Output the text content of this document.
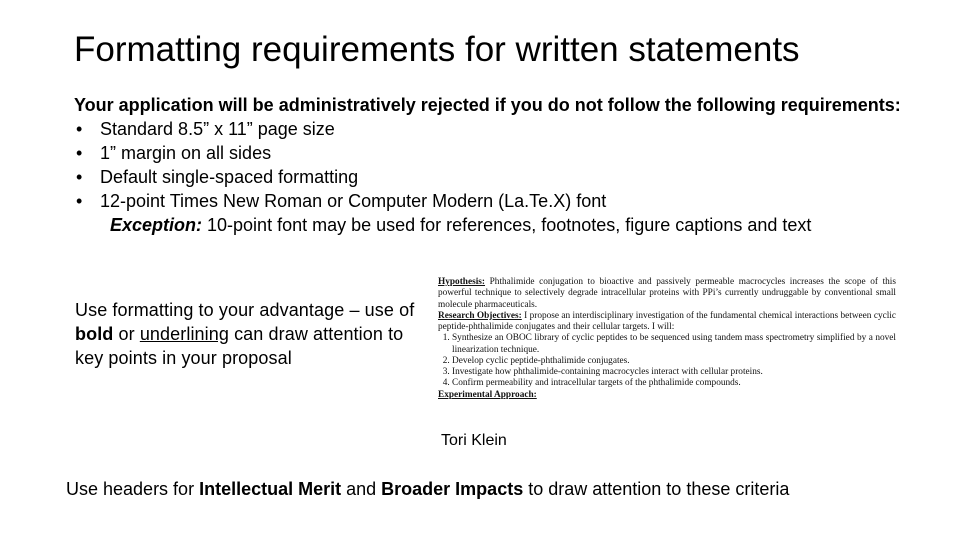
Formatting requirements for written statements
Your application will be administratively rejected if you do not follow the following requirements:
• Standard 8.5” x 11” page size
• 1” margin on all sides
• Default single-spaced formatting
• 12-point Times New Roman or Computer Modern (La.Te.X) font
Exception: 10-point font may be used for references, footnotes, figure captions and text
Use formatting to your advantage – use of bold or underlining can draw attention to key points in your proposal

Hypothesis: Phthalimide conjugation to bioactive and passively permeable macrocycles increases the scope of this powerful technique to selectively degrade intracellular proteins with PPi’s currently undruggable by conventional small molecule pharmaceuticals.

Research Objectives: I propose an interdisciplinary investigation of the fundamental chemical interactions between cyclic peptide-phthalimide conjugates and their cellular targets. I will:

1. Synthesize an OBOC library of cyclic peptides to be sequenced using tandem mass spectrometry simplified by a novel linearization technique.
2. Develop cyclic peptide-phthalimide conjugates.
3. Investigate how phthalimide-containing macrocycles interact with cellular proteins.
4. Confirm permeability and intracellular targets of the phthalimide compounds.

Experimental Approach:

Tori Klein
Use headers for Intellectual Merit and Broader Impacts to draw attention to these criteria
